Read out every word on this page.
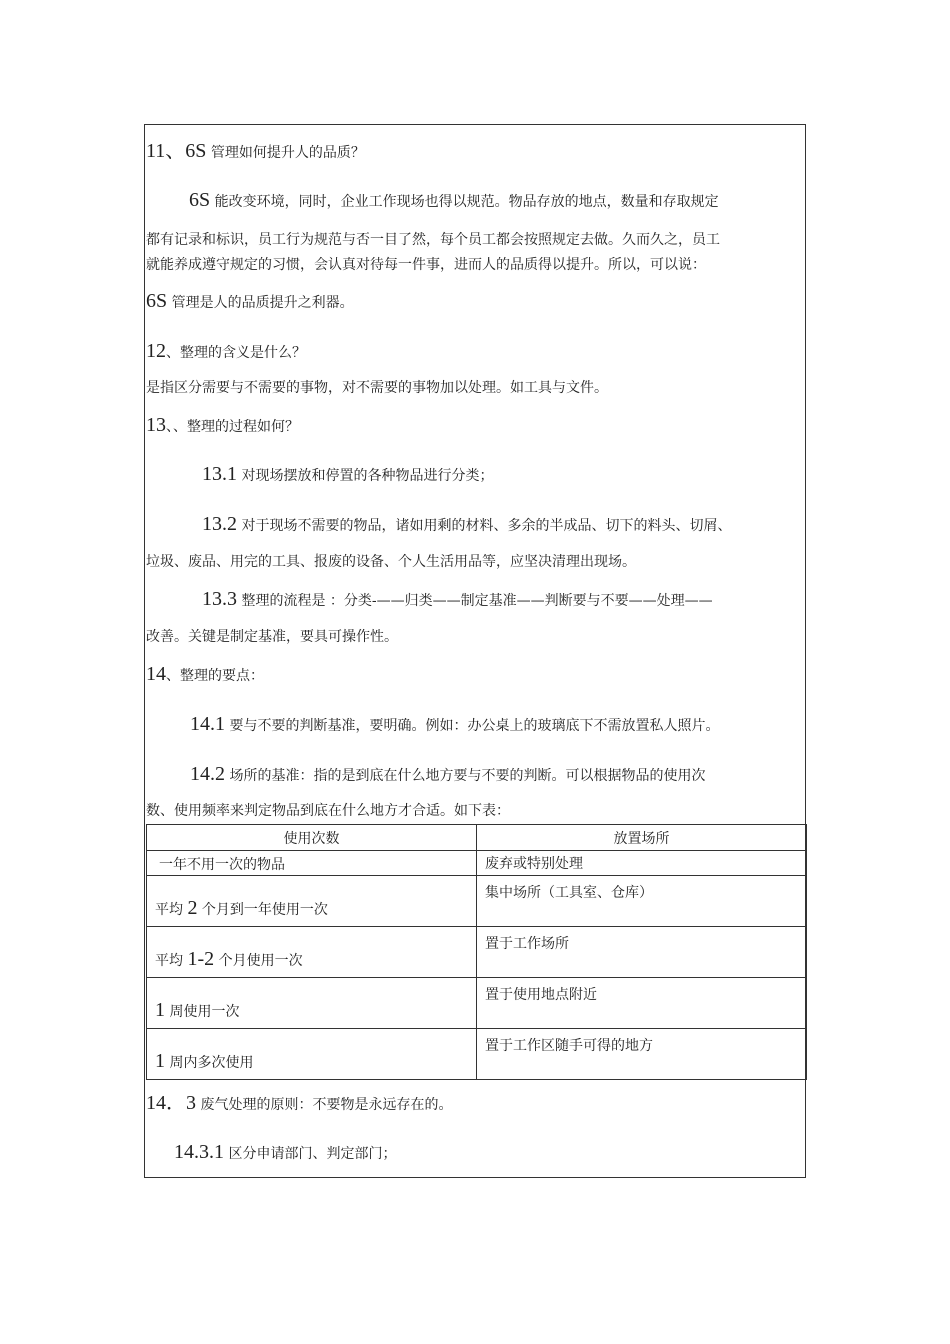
11、6S 管理如何提升人的品质？
6S 能改变环境，同时，企业工作现场也得以规范。物品存放的地点，数量和存取规定
都有记录和标识，员工行为规范与否一目了然，每个员工都会按照规定去做。久而久之，员工
就能养成遵守规定的习惯，会认真对待每一件事，进而人的品质得以提升。所以，可以说：
6S 管理是人的品质提升之利器。
12、整理的含义是什么？
是指区分需要与不需要的事物，对不需要的事物加以处理。如工具与文件。
13、、整理的过程如何？
13.1 对现场摆放和停置的各种物品进行分类；
13.2 对于现场不需要的物品，诸如用剩的材料、多余的半成品、切下的料头、切屑、
垃圾、废品、用完的工具、报废的设备、个人生活用品等，应坚决清理出现场。
13.3 整理的流程是 ：分类-——归类——制定基准——判断要与不要——处理——
改善。关键是制定基准，要具可操作性。
14、整理的要点：
14.1 要与不要的判断基准，要明确。例如：办公桌上的玻璃底下不需放置私人照片。
14.2 场所的基准：指的是到底在什么地方要与不要的判断。可以根据物品的使用次
数、使用频率来判定物品到底在什么地方才合适。如下表：
使用次数	放置场所
一年不用一次的物品	废弃或特别处理
平均 2 个月到一年使用一次	集中场所（工具室、仓库）
平均 1-2 个月使用一次	置于工作场所
1 周使用一次	置于使用地点附近
1 周内多次使用	置于工作区随手可得的地方
14．3 废气处理的原则：不要物是永远存在的。
14.3.1 区分申请部门、判定部门；
